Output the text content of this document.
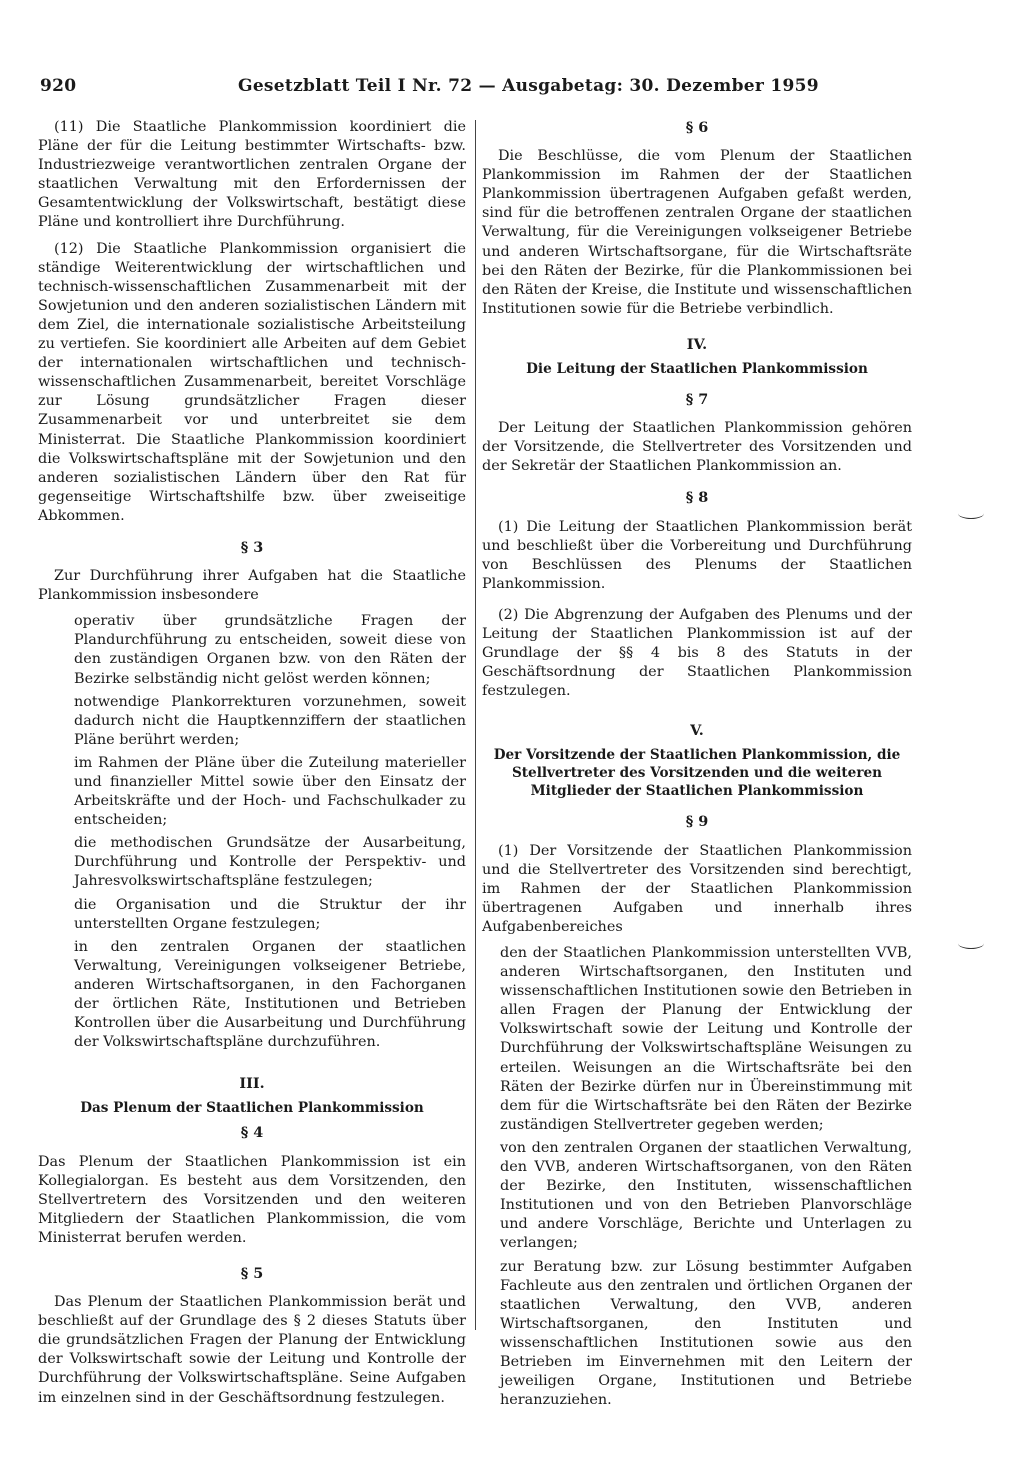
920	Gesetzblatt Teil I Nr. 72 — Ausgabetag: 30. Dezember 1959

(11) Die Staatliche Plankommission koordiniert die Pläne der für die Leitung bestimmter Wirtschafts- bzw. Industriezweige verantwortlichen zentralen Organe der staatlichen Verwaltung mit den Erfordernissen der Gesamtentwicklung der Volkswirtschaft, bestätigt diese Pläne und kontrolliert ihre Durchführung.

(12) Die Staatliche Plankommission organisiert die ständige Weiterentwicklung der wirtschaftlichen und technisch-wissenschaftlichen Zusammenarbeit mit der Sowjetunion und den anderen sozialistischen Ländern mit dem Ziel, die internationale sozialistische Arbeitsteilung zu vertiefen. Sie koordiniert alle Arbeiten auf dem Gebiet der internationalen wirtschaftlichen und technisch-wissenschaftlichen Zusammenarbeit, bereitet Vorschläge zur Lösung grundsätzlicher Fragen dieser Zusammenarbeit vor und unterbreitet sie dem Ministerrat. Die Staatliche Plankommission koordiniert die Volkswirtschaftspläne mit der Sowjetunion und den anderen sozialistischen Ländern über den Rat für gegenseitige Wirtschaftshilfe bzw. über zweiseitige Abkommen.

§ 3

Zur Durchführung ihrer Aufgaben hat die Staatliche Plankommission insbesondere

operativ über grundsätzliche Fragen der Plandurchführung zu entscheiden, soweit diese von den zuständigen Organen bzw. von den Räten der Bezirke selbständig nicht gelöst werden können;
notwendige Plankorrekturen vorzunehmen, soweit dadurch nicht die Hauptkennziffern der staatlichen Pläne berührt werden;
im Rahmen der Pläne über die Zuteilung materieller und finanzieller Mittel sowie über den Einsatz der Arbeitskräfte und der Hoch- und Fachschulkader zu entscheiden;
die methodischen Grundsätze der Ausarbeitung, Durchführung und Kontrolle der Perspektiv- und Jahresvolkswirtschaftspläne festzulegen;
die Organisation und die Struktur der ihr unterstellten Organe festzulegen;
in den zentralen Organen der staatlichen Verwaltung, Vereinigungen volkseigener Betriebe, anderen Wirtschaftsorganen, in den Fachorganen der örtlichen Räte, Institutionen und Betrieben Kontrollen über die Ausarbeitung und Durchführung der Volkswirtschaftspläne durchzuführen.
III.
Das Plenum der Staatlichen Plankommission
§ 4

Das Plenum der Staatlichen Plankommission ist ein Kollegialorgan. Es besteht aus dem Vorsitzenden, den Stellvertretern des Vorsitzenden und den weiteren Mitgliedern der Staatlichen Plankommission, die vom Ministerrat berufen werden.

§ 5

Das Plenum der Staatlichen Plankommission berät und beschließt auf der Grundlage des § 2 dieses Statuts über die grundsätzlichen Fragen der Planung der Entwicklung der Volkswirtschaft sowie der Leitung und Kontrolle der Durchführung der Volkswirtschaftspläne. Seine Aufgaben im einzelnen sind in der Geschäftsordnung festzulegen.

§ 6

Die Beschlüsse, die vom Plenum der Staatlichen Plankommission im Rahmen der der Staatlichen Plankommission übertragenen Aufgaben gefaßt werden, sind für die betroffenen zentralen Organe der staatlichen Verwaltung, für die Vereinigungen volkseigener Betriebe und anderen Wirtschaftsorgane, für die Wirtschaftsräte bei den Räten der Bezirke, für die Plankommissionen bei den Räten der Kreise, die Institute und wissenschaftlichen Institutionen sowie für die Betriebe verbindlich.

IV.
Die Leitung der Staatlichen Plankommission
§ 7

Der Leitung der Staatlichen Plankommission gehören der Vorsitzende, die Stellvertreter des Vorsitzenden und der Sekretär der Staatlichen Plankommission an.

§ 8

(1) Die Leitung der Staatlichen Plankommission berät und beschließt über die Vorbereitung und Durchführung von Beschlüssen des Plenums der Staatlichen Plankommission.

(2) Die Abgrenzung der Aufgaben des Plenums und der Leitung der Staatlichen Plankommission ist auf der Grundlage der §§ 4 bis 8 des Statuts in der Geschäftsordnung der Staatlichen Plankommission festzulegen.

V.
Der Vorsitzende der Staatlichen Plankommission, die Stellvertreter des Vorsitzenden und die weiteren Mitglieder der Staatlichen Plankommission
§ 9

(1) Der Vorsitzende der Staatlichen Plankommission und die Stellvertreter des Vorsitzenden sind berechtigt, im Rahmen der der Staatlichen Plankommission übertragenen Aufgaben und innerhalb ihres Aufgabenbereiches

den der Staatlichen Plankommission unterstellten VVB, anderen Wirtschaftsorganen, den Instituten und wissenschaftlichen Institutionen sowie den Betrieben in allen Fragen der Planung der Entwicklung der Volkswirtschaft sowie der Leitung und Kontrolle der Durchführung der Volkswirtschaftspläne Weisungen zu erteilen. Weisungen an die Wirtschaftsräte bei den Räten der Bezirke dürfen nur in Übereinstimmung mit dem für die Wirtschaftsräte bei den Räten der Bezirke zuständigen Stellvertreter gegeben werden;
von den zentralen Organen der staatlichen Verwaltung, den VVB, anderen Wirtschaftsorganen, von den Räten der Bezirke, den Instituten, wissenschaftlichen Institutionen und von den Betrieben Planvorschläge und andere Vorschläge, Berichte und Unterlagen zu verlangen;
zur Beratung bzw. zur Lösung bestimmter Aufgaben Fachleute aus den zentralen und örtlichen Organen der staatlichen Verwaltung, den VVB, anderen Wirtschaftsorganen, den Instituten und wissenschaftlichen Institutionen sowie aus den Betrieben im Einvernehmen mit den Leitern der jeweiligen Organe, Institutionen und Betriebe heranzuziehen.
